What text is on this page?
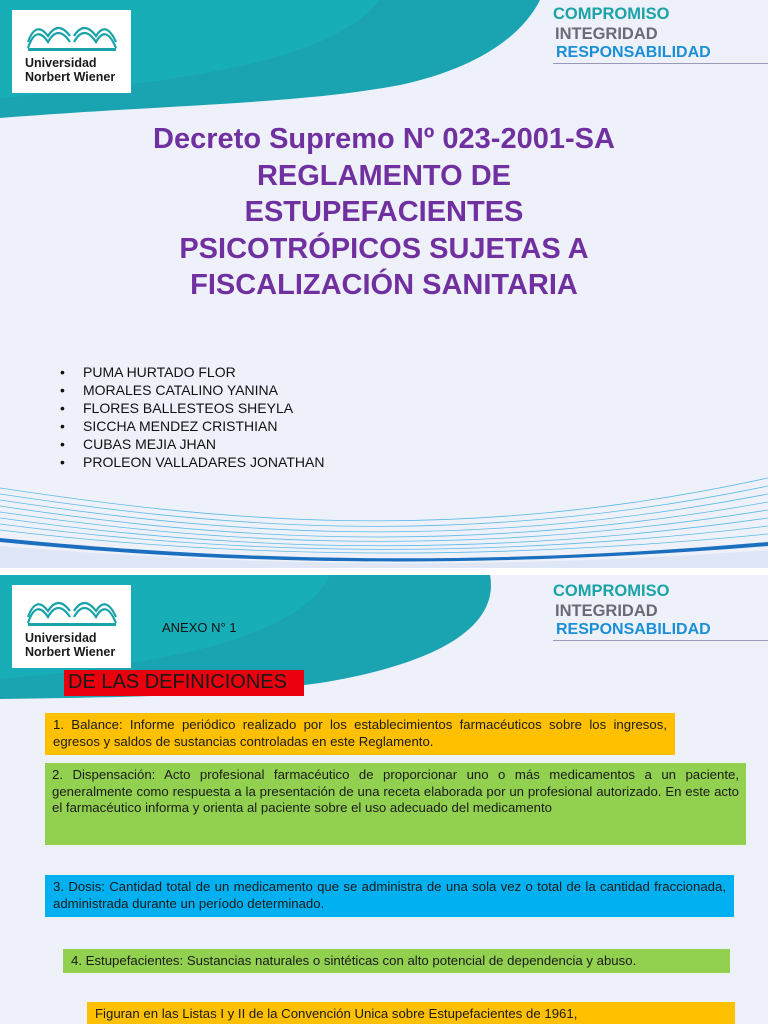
Universidad
Norbert Wiener
COMPROMISO
INTEGRIDAD
RESPONSABILIDAD
Decreto Supremo Nº 023-2001-SA
REGLAMENTO DE
ESTUPEFACIENTES
PSICOTRÓPICOS SUJETAS A
FISCALIZACIÓN SANITARIA
• PUMA HURTADO FLOR
• MORALES CATALINO YANINA
• FLORES BALLESTEOS SHEYLA
• SICCHA MENDEZ CRISTHIAN
• CUBAS MEJIA JHAN
• PROLEON VALLADARES JONATHAN
Universidad
Norbert Wiener
COMPROMISO
INTEGRIDAD
RESPONSABILIDAD
ANEXO N° 1
DE LAS DEFINICIONES
1. Balance: Informe periódico realizado por los establecimientos farmacéuticos sobre los ingresos, egresos y saldos de sustancias controladas en este Reglamento.
2. Dispensación: Acto profesional farmacéutico de proporcionar uno o más medicamentos a un paciente, generalmente como respuesta a la presentación de una receta elaborada por un profesional autorizado. En este acto el farmacéutico informa y orienta al paciente sobre el uso adecuado del medicamento
3. Dosis: Cantidad total de un medicamento que se administra de una sola vez o total de la cantidad fraccionada, administrada durante un período determinado.
4. Estupefacientes: Sustancias naturales o sintéticas con alto potencial de dependencia y abuso.
Figuran en las Listas I y II de la Convención Unica sobre Estupefacientes de 1961,
